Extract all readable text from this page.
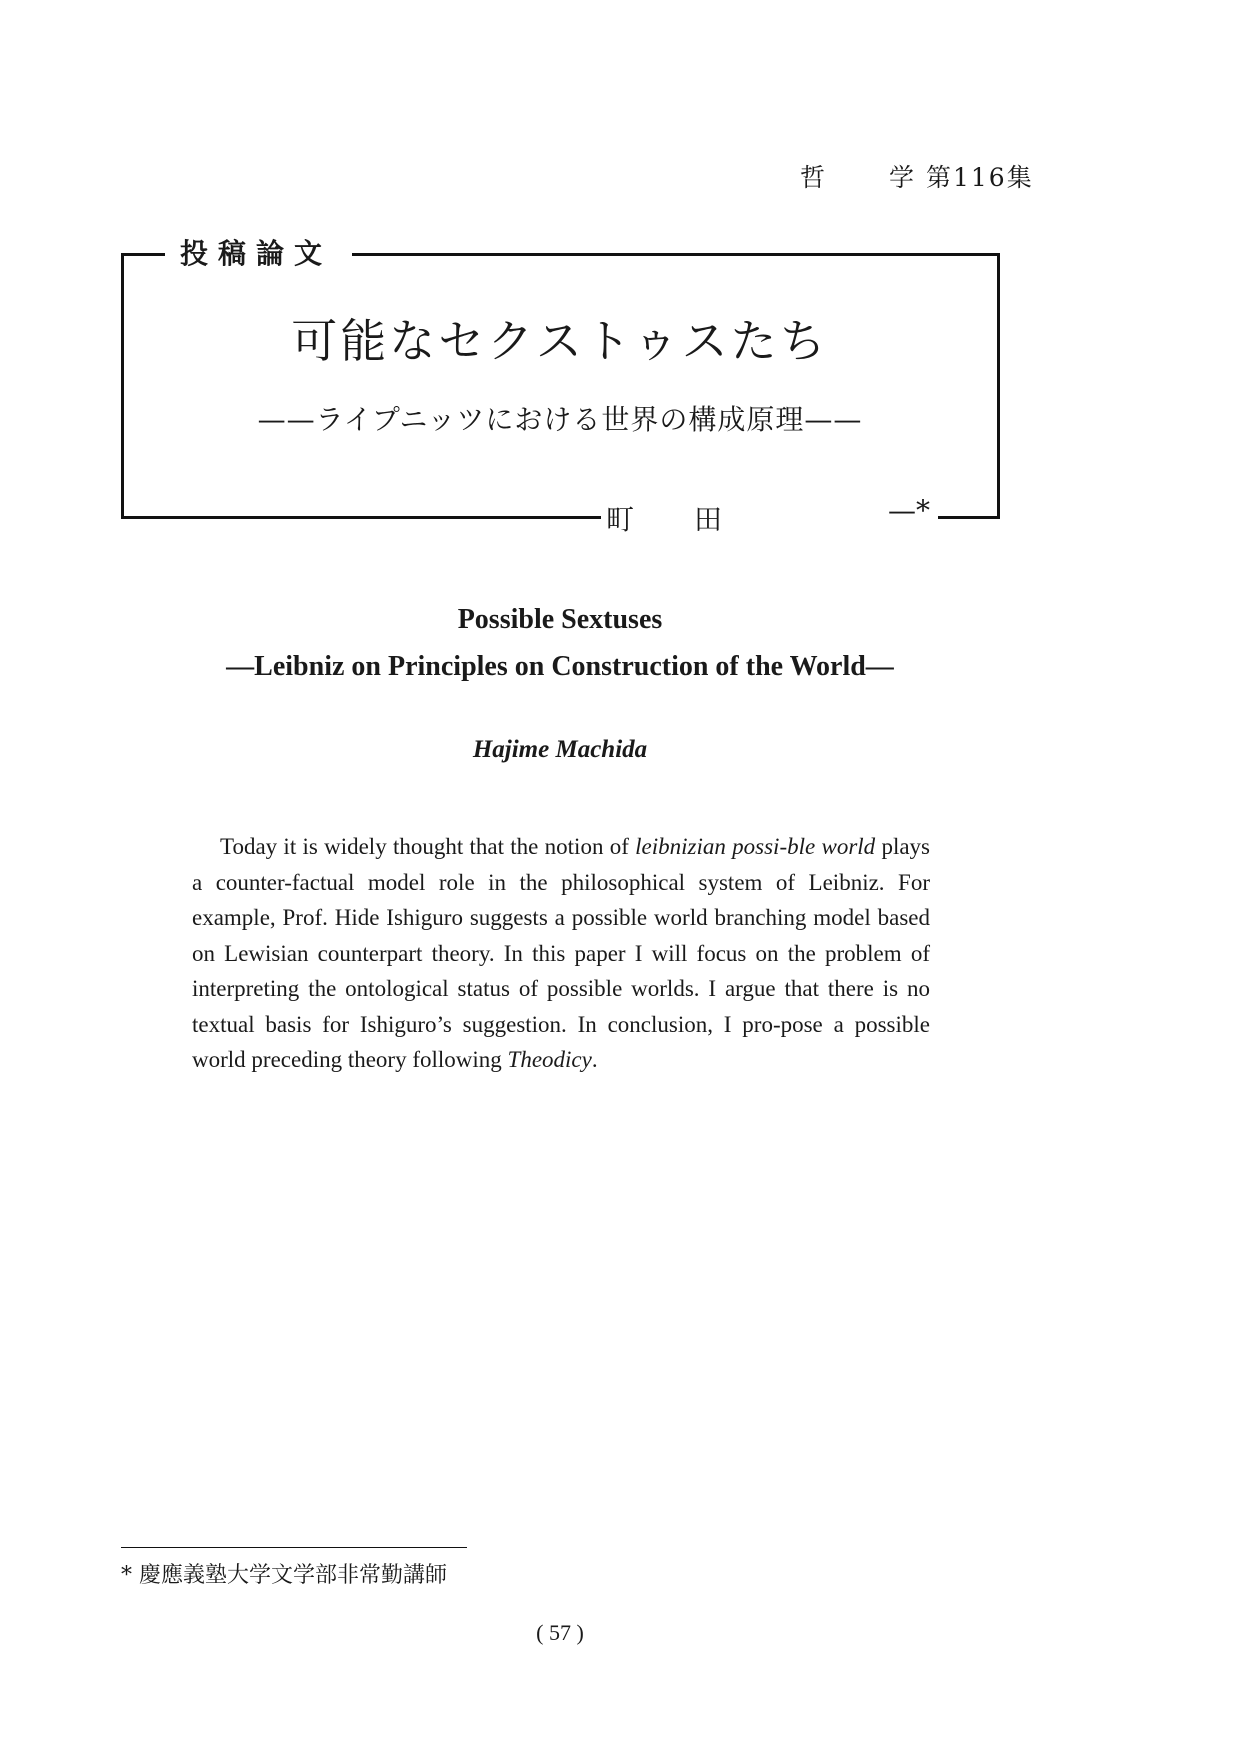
哲 学 第116集
投稿論文
可能なセクストゥスたち
——ライプニッツにおける世界の構成原理——
町 田	—*
Possible Sextuses
—Leibniz on Principles on Construction of the World—
Hajime Machida
Today it is widely thought that the notion of leibnizian possi-ble world plays a counter-factual model role in the philosophical system of Leibniz. For example, Prof. Hide Ishiguro suggests a possible world branching model based on Lewisian counterpart theory. In this paper I will focus on the problem of interpreting the ontological status of possible worlds. I argue that there is no textual basis for Ishiguro’s suggestion. In conclusion, I pro-pose a possible world preceding theory following Theodicy.
* 慶應義塾大学文学部非常勤講師
( 57 )
